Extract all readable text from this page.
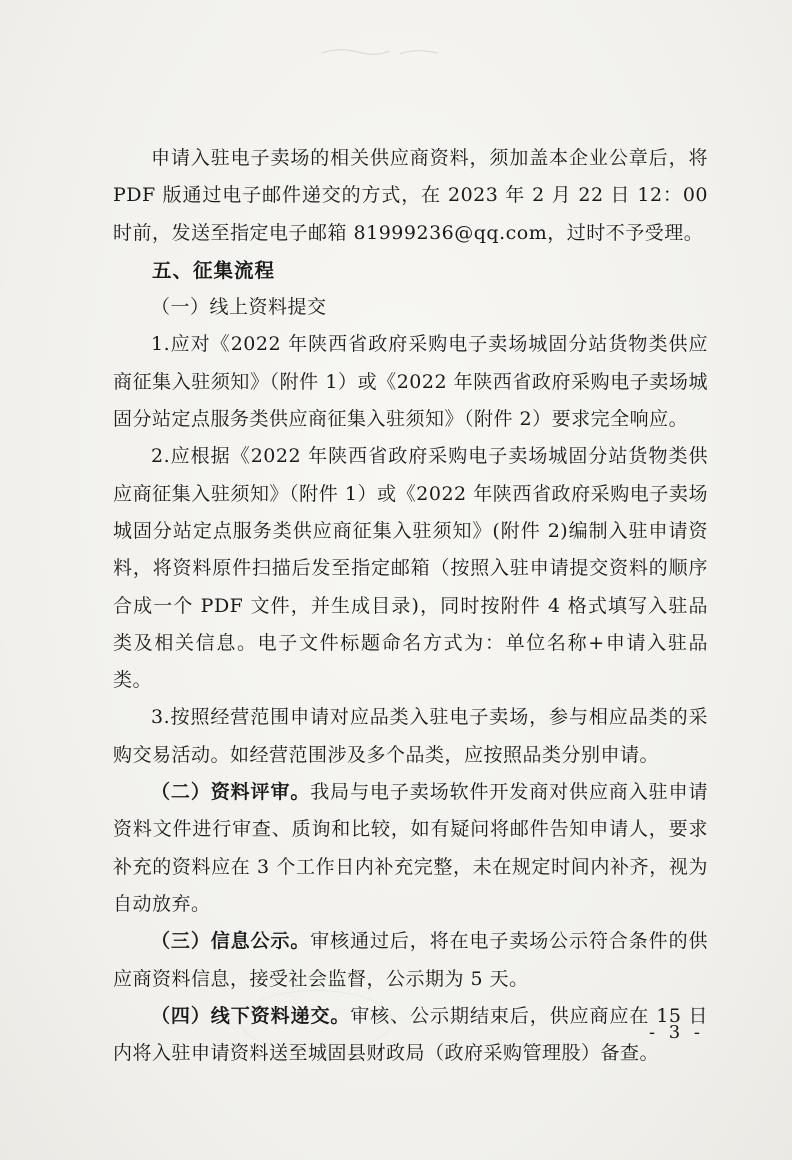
申请入驻电子卖场的相关供应商资料，须加盖本企业公章后，将 PDF 版通过电子邮件递交的方式，在 2023 年 2 月 22 日 12：00 时前，发送至指定电子邮箱 81999236@qq.com，过时不予受理。

五、征集流程

（一）线上资料提交

1.应对《2022 年陕西省政府采购电子卖场城固分站货物类供应商征集入驻须知》（附件 1）或《2022 年陕西省政府采购电子卖场城固分站定点服务类供应商征集入驻须知》（附件 2）要求完全响应。

2.应根据《2022 年陕西省政府采购电子卖场城固分站货物类供应商征集入驻须知》（附件 1）或《2022 年陕西省政府采购电子卖场城固分站定点服务类供应商征集入驻须知》(附件 2)编制入驻申请资料，将资料原件扫描后发至指定邮箱（按照入驻申请提交资料的顺序合成一个 PDF 文件，并生成目录)，同时按附件 4 格式填写入驻品类及相关信息。电子文件标题命名方式为：单位名称+申请入驻品类。

3.按照经营范围申请对应品类入驻电子卖场，参与相应品类的采购交易活动。如经营范围涉及多个品类，应按照品类分别申请。

（二）资料评审。我局与电子卖场软件开发商对供应商入驻申请资料文件进行审查、质询和比较，如有疑问将邮件告知申请人，要求补充的资料应在 3 个工作日内补充完整，未在规定时间内补齐，视为自动放弃。

（三）信息公示。审核通过后，将在电子卖场公示符合条件的供应商资料信息，接受社会监督，公示期为 5 天。

（四）线下资料递交。审核、公示期结束后，供应商应在 15 日内将入驻申请资料送至城固县财政局（政府采购管理股）备查。

- 3 -
